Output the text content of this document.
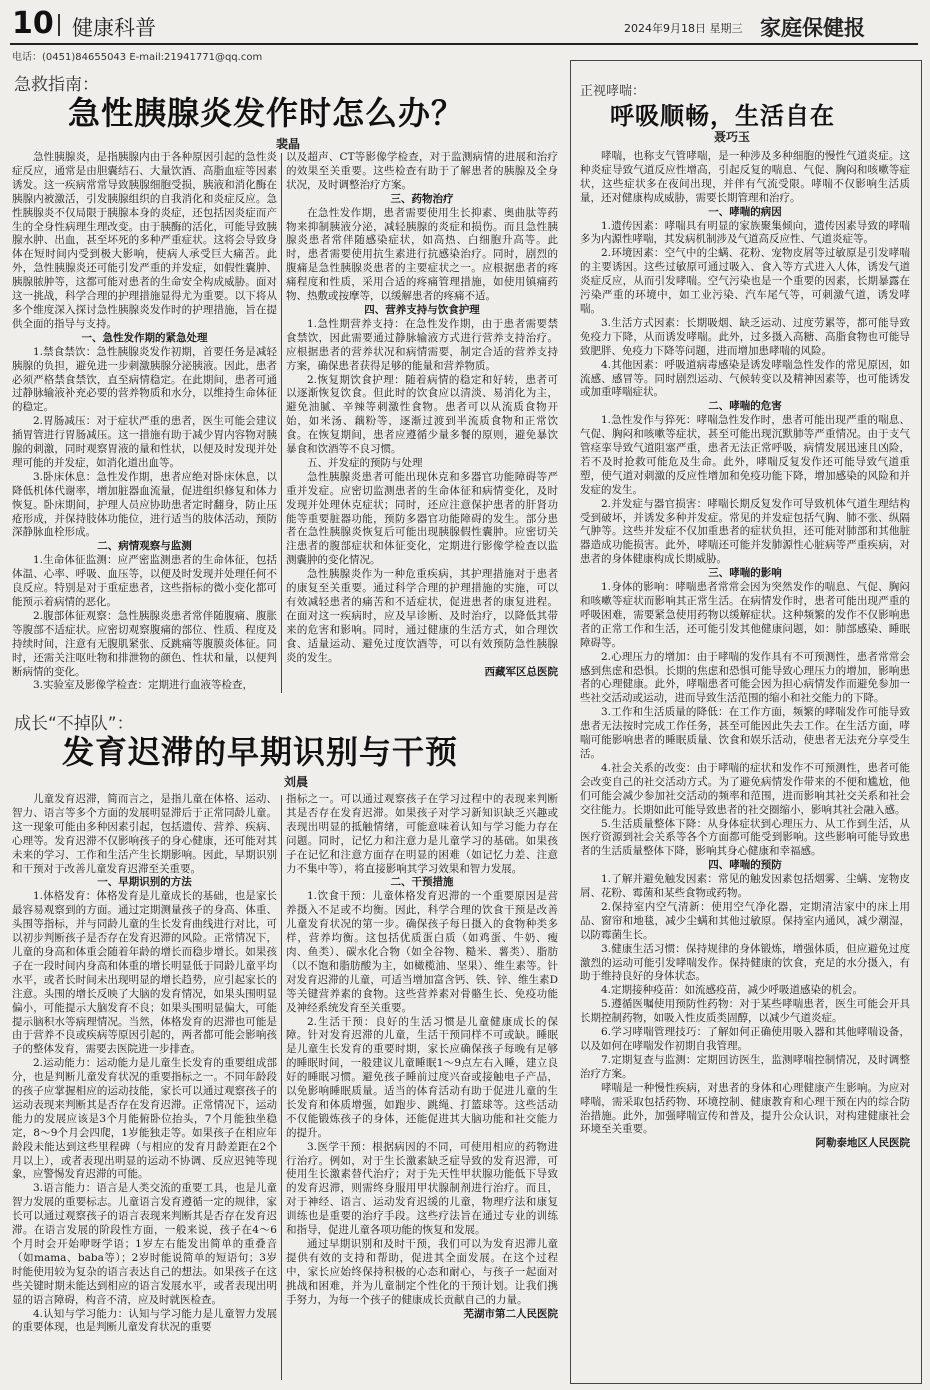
10 健康科普	2024年9月18日 星期三 家庭保健报
电话：(0451)84655043 E-mail:21941771@qq.com
急救指南：
急性胰腺炎发作时怎么办？
裴晶

急性胰腺炎，是指胰腺内由于各种原因引起的急性炎症反应，通常是由胆囊结石、大量饮酒、高脂血症等因素诱发。这一疾病常常导致胰腺细胞受损，胰液和消化酶在胰腺内被激活，引发胰腺组织的自我消化和炎症反应。急性胰腺炎不仅局限于胰腺本身的炎症，还包括因炎症而产生的全身性病理生理改变。由于胰酶的活化，可能导致胰腺水肿、出血，甚至坏死的多种严重症状。这将会导致身体在短时间内受到极大影响，使病人承受巨大痛苦。此外，急性胰腺炎还可能引发严重的并发症，如假性囊肿、胰腺脓肿等，这都可能对患者的生命安全构成威胁。面对这一挑战，科学合理的护理措施显得尤为重要。以下将从多个维度深入探讨急性胰腺炎发作时的护理措施，旨在提供全面的指导与支持。

一、急性发作期的紧急处理

1.禁食禁饮：急性胰腺炎发作初期，首要任务是减轻胰腺的负担，避免进一步刺激胰腺分泌胰液。因此，患者必须严格禁食禁饮，直至病情稳定。在此期间，患者可通过静脉输液补充必要的营养物质和水分，以维持生命体征的稳定。

2.胃肠减压：对于症状严重的患者，医生可能会建议插胃管进行胃肠减压。这一措施有助于减少胃内容物对胰腺的刺激，同时观察胃液的量和性状，以便及时发现并处理可能的并发症，如消化道出血等。

3.卧床休息：急性发作期，患者应绝对卧床休息，以降低机体代谢率，增加脏器血流量，促进组织修复和体力恢复。卧床期间，护理人员应协助患者定时翻身，防止压疮形成，并保持肢体功能位，进行适当的肢体活动，预防深静脉血栓形成。

二、病情观察与监测

1.生命体征监测：应严密监测患者的生命体征，包括体温、心率、呼吸、血压等，以便及时发现并处理任何不良反应。特别是对于重症患者，这些指标的微小变化都可能预示着病情的恶化。

2.腹部体征观察：急性胰腺炎患者常伴随腹痛、腹胀等腹部不适症状。应密切观察腹痛的部位、性质、程度及持续时间，注意有无腹肌紧张、反跳痛等腹膜炎体征。同时，还需关注呕吐物和排泄物的颜色、性状和量，以便判断病情的变化。

3.实验室及影像学检查：定期进行血液等检查，

以及超声、CT等影像学检查，对于监测病情的进展和治疗的效果至关重要。这些检查有助于了解患者的胰腺及全身状况，及时调整治疗方案。

三、药物治疗

在急性发作期，患者需要使用生长抑素、奥曲肽等药物来抑制胰液分泌，减轻胰腺的炎症和损伤。而且急性胰腺炎患者常伴随感染症状，如高热、白细胞升高等。此时，患者需要使用抗生素进行抗感染治疗。同时，剧烈的腹痛是急性胰腺炎患者的主要症状之一。应根据患者的疼痛程度和性质，采用合适的疼痛管理措施，如使用镇痛药物、热敷或按摩等，以缓解患者的疼痛不适。

四、营养支持与饮食护理

1.急性期营养支持：在急性发作期，由于患者需要禁食禁饮，因此需要通过静脉输液方式进行营养支持治疗。应根据患者的营养状况和病情需要，制定合适的营养支持方案，确保患者获得足够的能量和营养物质。

2.恢复期饮食护理：随着病情的稳定和好转，患者可以逐渐恢复饮食。但此时的饮食应以清淡、易消化为主，避免油腻、辛辣等刺激性食物。患者可以从流质食物开始，如米汤、藕粉等，逐渐过渡到半流质食物和正常饮食。在恢复期间，患者应遵循少量多餐的原则，避免暴饮暴食和饮酒等不良习惯。

五、并发症的预防与处理

急性胰腺炎患者可能出现休克和多器官功能障碍等严重并发症。应密切监测患者的生命体征和病情变化，及时发现并处理休克症状；同时，还应注意保护患者的肝肾功能等重要脏器功能，预防多器官功能障碍的发生。部分患者在急性胰腺炎恢复后可能出现胰腺假性囊肿。应密切关注患者的腹部症状和体征变化，定期进行影像学检查以监测囊肿的变化情况。

急性胰腺炎作为一种危重疾病，其护理措施对于患者的康复至关重要。通过科学合理的护理措施的实施，可以有效减轻患者的痛苦和不适症状，促进患者的康复进程。在面对这一疾病时，应及早诊断、及时治疗，以降低其带来的危害和影响。同时，通过健康的生活方式，如合理饮食、适量运动、避免过度饮酒等，可以有效预防急性胰腺炎的发生。

西藏军区总医院

成长“不掉队”：
发育迟滞的早期识别与干预
刘晨

儿童发育迟滞，简而言之，是指儿童在体格、运动、智力、语言等多个方面的发展明显滞后于正常同龄儿童。这一现象可能由多种因素引起，包括遗传、营养、疾病、心理等。发育迟滞不仅影响孩子的身心健康，还可能对其未来的学习、工作和生活产生长期影响。因此，早期识别和干预对于改善儿童发育迟滞至关重要。

一、早期识别的方法

1.体格发育：体格发育是儿童成长的基础，也是家长最容易观察到的方面。通过定期测量孩子的身高、体重、头围等指标，并与同龄儿童的生长发育曲线进行对比，可以初步判断孩子是否存在发育迟滞的风险。正常情况下，儿童的身高和体重会随着年龄的增长而稳步增长。如果孩子在一段时间内身高和体重的增长明显低于同龄儿童平均水平，或者长时间未出现明显的增长趋势，应引起家长的注意。头围的增长反映了大脑的发育情况，如果头围明显偏小，可能提示大脑发育不良；如果头围明显偏大，可能提示脑积水等病理情况。当然，体格发育的迟滞也可能是由于营养不良或疾病等原因引起的，两者都可能会影响孩子的整体发育，需要去医院进一步排查。

2.运动能力：运动能力是儿童生长发育的重要组成部分，也是判断儿童发育状况的重要指标之一。不同年龄段的孩子应掌握相应的运动技能，家长可以通过观察孩子的运动表现来判断其是否存在发育迟滞。正常情况下，运动能力的发展应该是3个月能俯卧位抬头，7个月能独坐稳定，8～9个月会四爬，1岁能独走等。如果孩子在相应年龄段未能达到这些里程碑（与相应的发育月龄差距在2个月以上），或者表现出明显的运动不协调、反应迟钝等现象，应警惕发育迟滞的可能。

3.语言能力：语言是人类交流的重要工具，也是儿童智力发展的重要标志。儿童语言发育遵循一定的规律，家长可以通过观察孩子的语言表现来判断其是否存在发育迟滞。在语言发展的阶段性方面，一般来说，孩子在4～6个月时会开始咿呀学语；1岁左右能发出简单的重叠音（如mama、baba等）；2岁时能说简单的短语句；3岁时能使用较为复杂的语言表达自己的想法。如果孩子在这些关键时期未能达到相应的语言发展水平，或者表现出明显的语言障碍，构音不清，应及时就医检查。

4.认知与学习能力：认知与学习能力是儿童智力发展的重要体现，也是判断儿童发育状况的重要

指标之一。可以通过观察孩子在学习过程中的表现来判断其是否存在发育迟滞。如果孩子对学习新知识缺乏兴趣或表现出明显的抵触情绪，可能意味着认知与学习能力存在问题。同时，记忆力和注意力是儿童学习的基础。如果孩子在记忆和注意方面存在明显的困难（如记忆力差、注意力不集中等），将直接影响其学习效果和智力发展。

二、干预措施

1.饮食干预：儿童体格发育迟滞的一个重要原因是营养摄入不足或不均衡。因此，科学合理的饮食干预是改善儿童发育状况的第一步。确保孩子每日摄入的食物种类多样，营养均衡。这包括优质蛋白质（如鸡蛋、牛奶、瘦肉、鱼类）、碳水化合物（如全谷物、糙米、薯类）、脂肪（以不饱和脂肪酸为主，如橄榄油、坚果）、维生素等。针对发育迟滞的儿童，可适当增加富含钙、铁、锌、维生素D等关键营养素的食物。这些营养素对骨骼生长、免疫功能及神经系统发育至关重要。

2.生活干预：良好的生活习惯是儿童健康成长的保障。针对发育迟滞的儿童，生活干预同样不可或缺。睡眠是儿童生长发育的重要时期，家长应确保孩子每晚有足够的睡眠时间，一般建议儿童睡眠1～9点左右入睡，建立良好的睡眠习惯。避免孩子睡前过度兴奋或接触电子产品，以免影响睡眠质量。适当的体育活动有助于促进儿童的生长发育和体质增强，如跑步、跳绳、打篮球等。这些活动不仅能锻炼孩子的身体，还能促进其大脑功能和社交能力的提升。

3.医学干预：根据病因的不同，可使用相应的药物进行治疗。例如，对于生长激素缺乏症导致的发育迟滞，可使用生长激素替代治疗；对于先天性甲状腺功能低下导致的发育迟滞，则需终身服用甲状腺制剂进行治疗。而且，对于神经、语言、运动发育迟缓的儿童，物理疗法和康复训练也是重要的治疗手段。这些疗法旨在通过专业的训练和指导，促进儿童各项功能的恢复和发展。

通过早期识别和及时干预，我们可以为发育迟滞儿童提供有效的支持和帮助，促进其全面发展。在这个过程中，家长应始终保持积极的心态和耐心，与孩子一起面对挑战和困难，并为儿童制定个性化的干预计划。让我们携手努力，为每一个孩子的健康成长贡献自己的力量。

芜湖市第二人民医院

正视哮喘：
呼吸顺畅，生活自在
聂巧玉

哮喘，也称支气管哮喘，是一种涉及多种细胞的慢性气道炎症。这种炎症导致气道反应性增高，引起反复的喘息、气促、胸闷和咳嗽等症状，这些症状多在夜间出现，并伴有气流受限。哮喘不仅影响生活质量，还对健康构成威胁，需要长期管理和治疗。

一、哮喘的病因

1.遗传因素：哮喘具有明显的家族聚集倾向，遗传因素导致的哮喘多为内源性哮喘，其发病机制涉及气道高反应性、气道炎症等。

2.环境因素：空气中的尘螨、花粉、宠物皮屑等过敏原是引发哮喘的主要诱因。这些过敏原可通过吸入、食入等方式进入人体，诱发气道炎症反应，从而引发哮喘。空气污染也是一个重要的因素，长期暴露在污染严重的环境中，如工业污染、汽车尾气等，可刺激气道，诱发哮喘。

3.生活方式因素：长期吸烟、缺乏运动、过度劳累等，都可能导致免疫力下降，从而诱发哮喘。此外，过多摄入高糖、高脂食物也可能导致肥胖、免疫力下降等问题，进而增加患哮喘的风险。

4.其他因素：呼吸道病毒感染是诱发哮喘急性发作的常见原因，如流感、感冒等。同时剧烈运动、气候转变以及精神因素等，也可能诱发或加重哮喘症状。

二、哮喘的危害

1.急性发作与猝死：哮喘急性发作时，患者可能出现严重的喘息、气促、胸闷和咳嗽等症状，甚至可能出现沉默肺等严重情况。由于支气管痉挛导致气道阻塞严重，患者无法正常呼吸，病情发展迅速且凶险，若不及时抢救可能危及生命。此外，哮喘反复发作还可能导致气道重塑，使气道对刺激的反应性增加和免疫功能下降，增加感染的风险和并发症的发生。

2.并发症与器官损害：哮喘长期反复发作可导致机体气道生理结构受到破坏，并诱发多种并发症。常见的并发症包括气胸、肺不张、纵隔气肿等。这些并发症不仅加重患者的症状负担，还可能对肺部和其他脏器造成功能损害。此外，哮喘还可能并发肺源性心脏病等严重疾病，对患者的身体健康构成长期威胁。

三、哮喘的影响

1.身体的影响：哮喘患者常常会因为突然发作的喘息、气促、胸闷和咳嗽等症状而影响其正常生活。在病情发作时，患者可能出现严重的呼吸困难，需要紧急使用药物以缓解症状。这种频繁的发作不仅影响患者的正常工作和生活，还可能引发其他健康问题，如：肺部感染、睡眠障碍等。

2.心理压力的增加：由于哮喘的发作具有不可预测性，患者常常会感到焦虑和恐惧。长期的焦虑和恐惧可能导致心理压力的增加，影响患者的心理健康。此外，哮喘患者可能会因为担心病情发作而避免参加一些社交活动或运动，进而导致生活范围的缩小和社交能力的下降。

3.工作和生活质量的降低：在工作方面，频繁的哮喘发作可能导致患者无法按时完成工作任务，甚至可能因此失去工作。在生活方面，哮喘可能影响患者的睡眠质量、饮食和娱乐活动，使患者无法充分享受生活。

4.社会关系的改变：由于哮喘的症状和发作不可预测性，患者可能会改变自己的社交活动方式。为了避免病情发作带来的不便和尴尬，他们可能会减少参加社交活动的频率和范围，进而影响其社交关系和社会交往能力。长期如此可能导致患者的社交圈缩小，影响其社会融入感。

5.生活质量整体下降：从身体症状到心理压力、从工作到生活，从医疗资源到社会关系等各个方面都可能受到影响。这些影响可能导致患者的生活质量整体下降，影响其身心健康和幸福感。

四、哮喘的预防

1.了解并避免触发因素：常见的触发因素包括烟雾、尘螨、宠物皮屑、花粉、霉菌和某些食物或药物。

2.保持室内空气清新：使用空气净化器，定期清洁家中的床上用品、窗帘和地毯，减少尘螨和其他过敏原。保持室内通风，减少潮湿，以防霉菌生长。

3.健康生活习惯：保持规律的身体锻炼，增强体质，但应避免过度激烈的运动可能引发哮喘发作。保持健康的饮食，充足的水分摄入，有助于维持良好的身体状态。

4.定期接种疫苗：如流感疫苗，减少呼吸道感染的机会。

5.遵循医嘱使用预防性药物：对于某些哮喘患者，医生可能会开具长期控制药物，如吸入性皮质类固醇，以减少气道炎症。

6.学习哮喘管理技巧：了解如何正确使用吸入器和其他哮喘设备，以及如何在哮喘发作初期自我管理。

7.定期复查与监测：定期回访医生，监测哮喘控制情况，及时调整治疗方案。

哮喘是一种慢性疾病，对患者的身体和心理健康产生影响。为应对哮喘，需采取包括药物、环境控制、健康教育和心理干预在内的综合防治措施。此外，加强哮喘宣传和普及，提升公众认识，对构建健康社会环境至关重要。

阿勒泰地区人民医院
